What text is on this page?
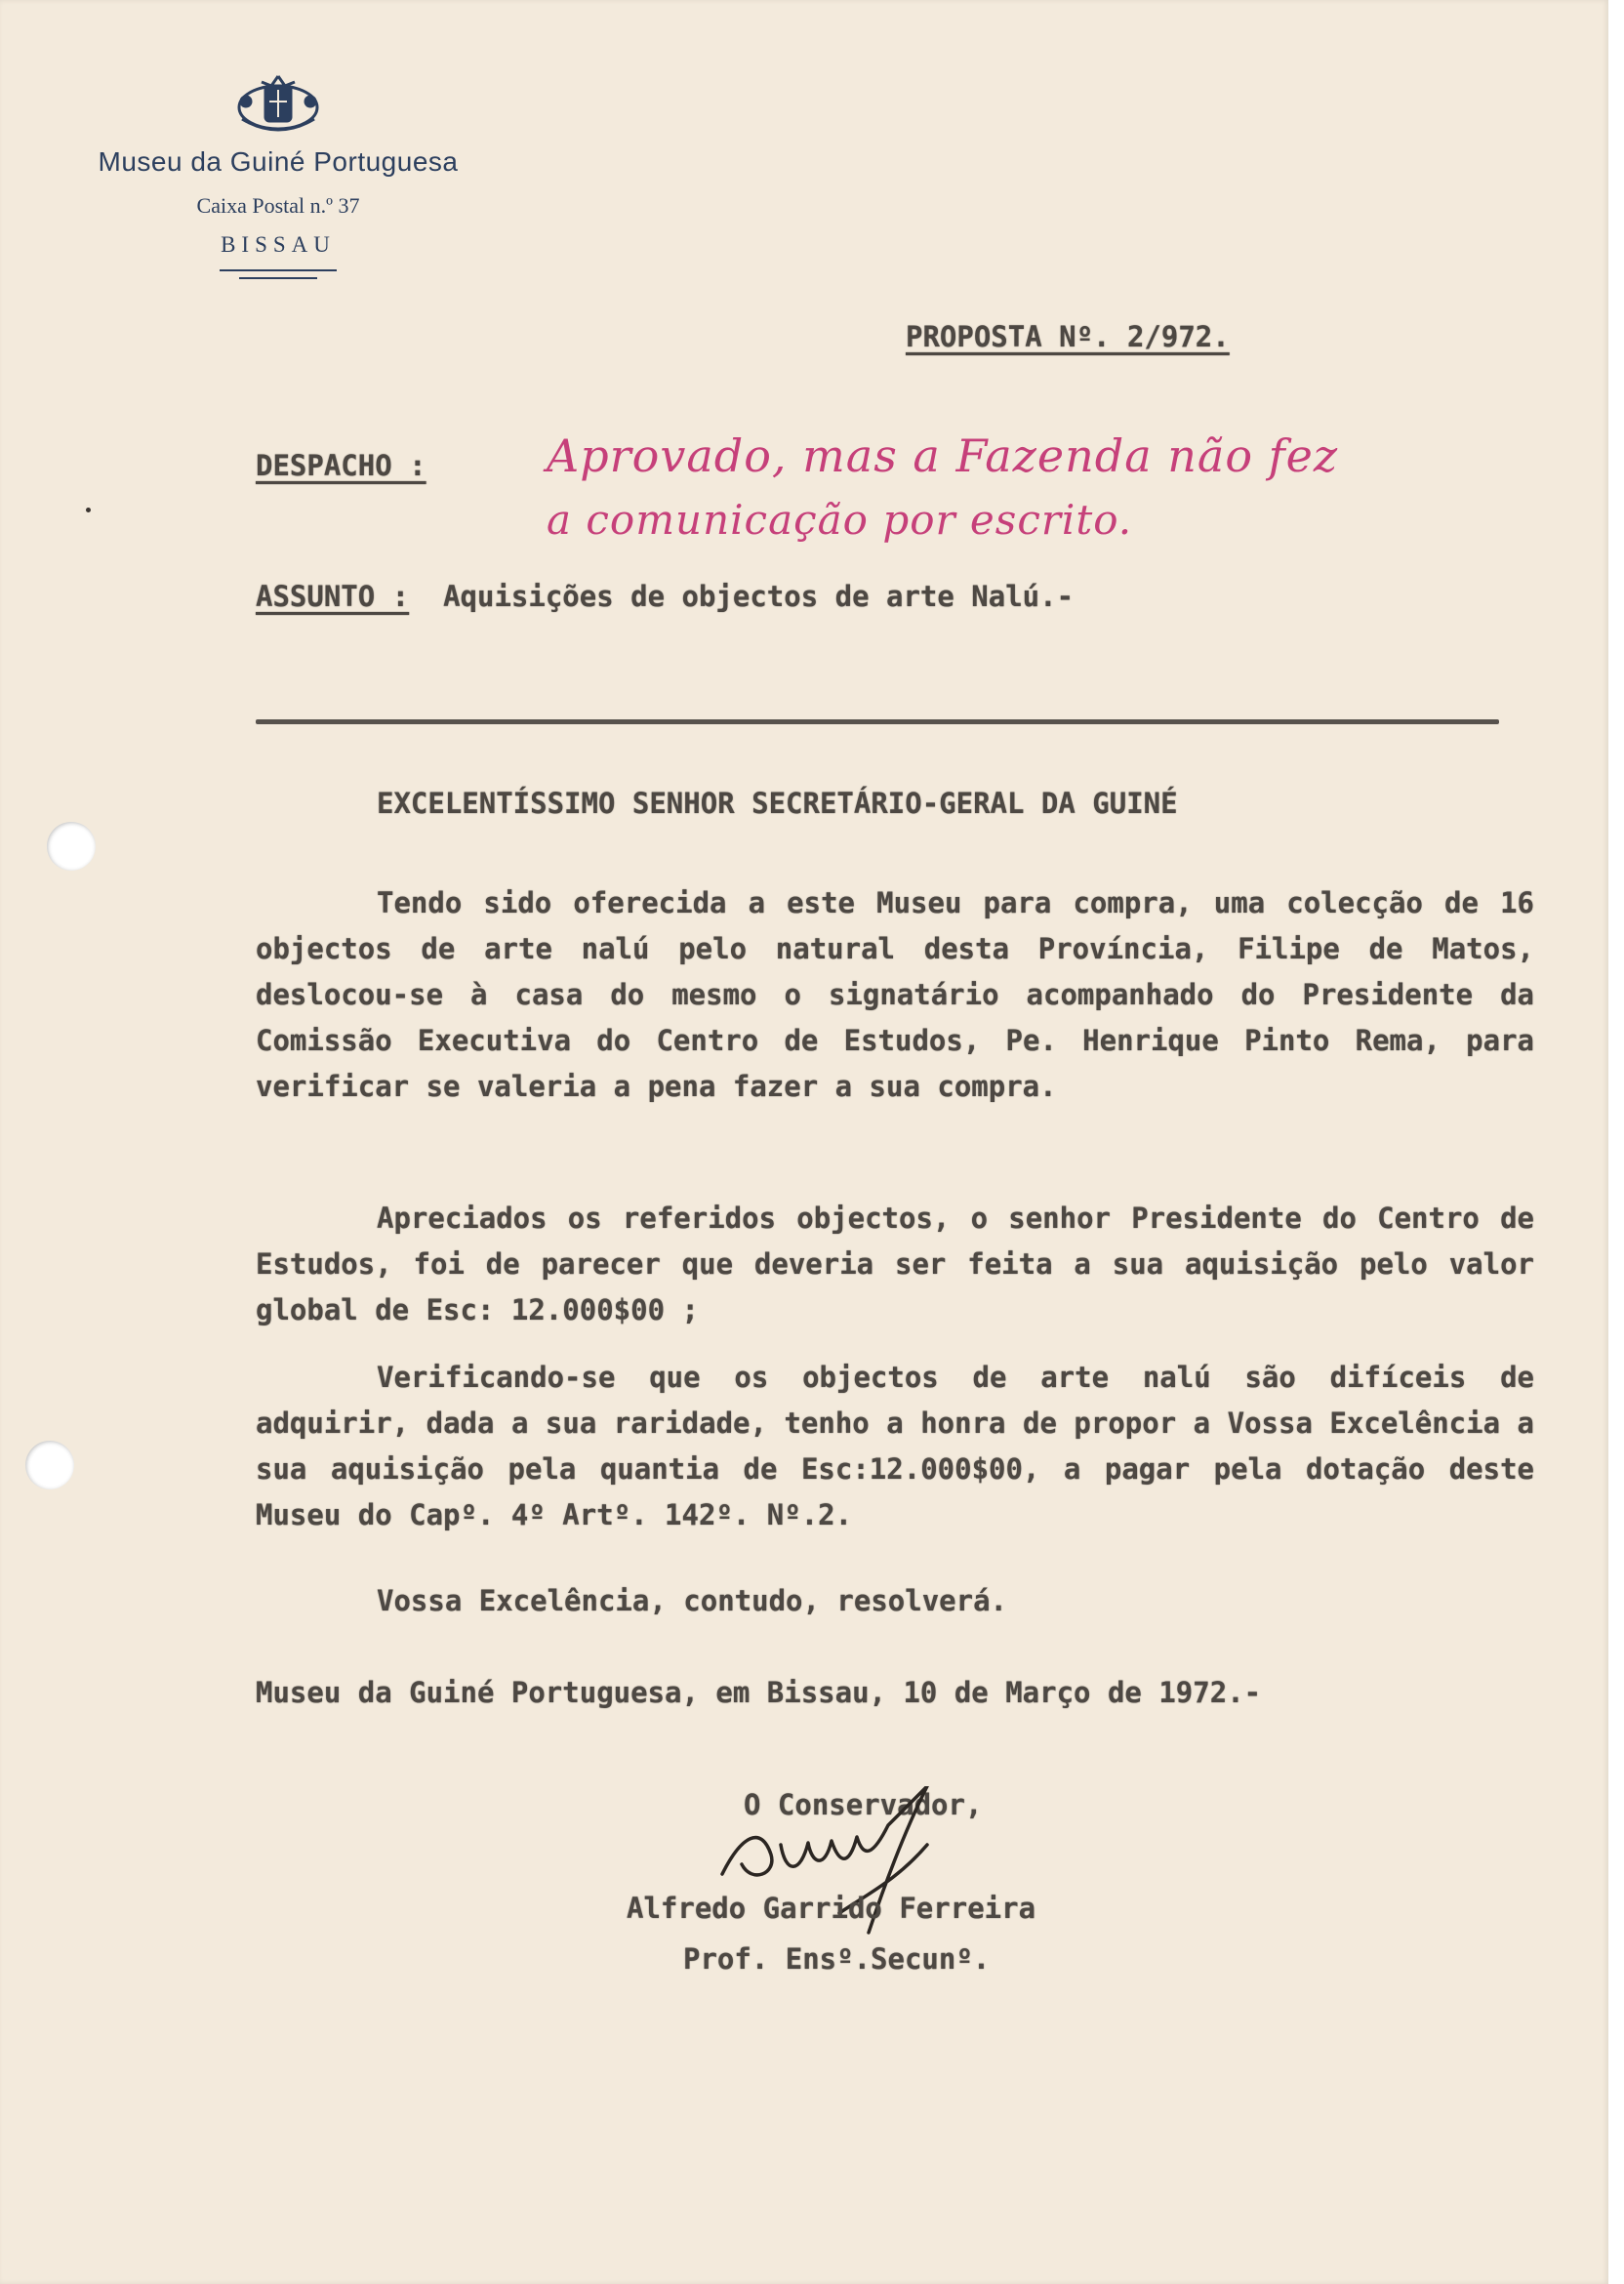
Museu da Guiné Portuguesa
Caixa Postal n.º 37
BISSAU
PROPOSTA Nº. 2/972.
DESPACHO :	Aprovado, mas a Fazenda não fez
a comunicação por escrito.
ASSUNTO : Aquisições de objectos de arte Nalú.-
EXCELENTÍSSIMO SENHOR SECRETÁRIO-GERAL DA GUINÉ

Tendo sido oferecida a este Museu para compra, uma colecção de 16 objectos de arte nalú pelo natural desta Província, Filipe de Matos, deslocou-se à casa do mesmo o signatário acompanhado do Presidente da Comissão Executiva do Centro de Estudos, Pe. Henrique Pinto Rema, para verificar se valeria a pena fazer a sua compra.

Apreciados os referidos objectos, o senhor Presidente do Centro de Estudos, foi de parecer que deveria ser feita a sua aquisição pelo valor global de Esc: 12.000$00 ;

Verificando-se que os objectos de arte nalú são difíceis de adquirir, dada a sua raridade, tenho a honra de propor a Vossa Excelência a sua aquisição pela quantia de Esc:12.000$00, a pagar pela dotação deste Museu do Capº. 4º Artº. 142º. Nº.2.

Vossa Excelência, contudo, resolverá.

Museu da Guiné Portuguesa, em Bissau, 10 de Março de 1972.-
O Conservador,
Alfredo Garrido Ferreira
Prof. Ensº.Secunº.
